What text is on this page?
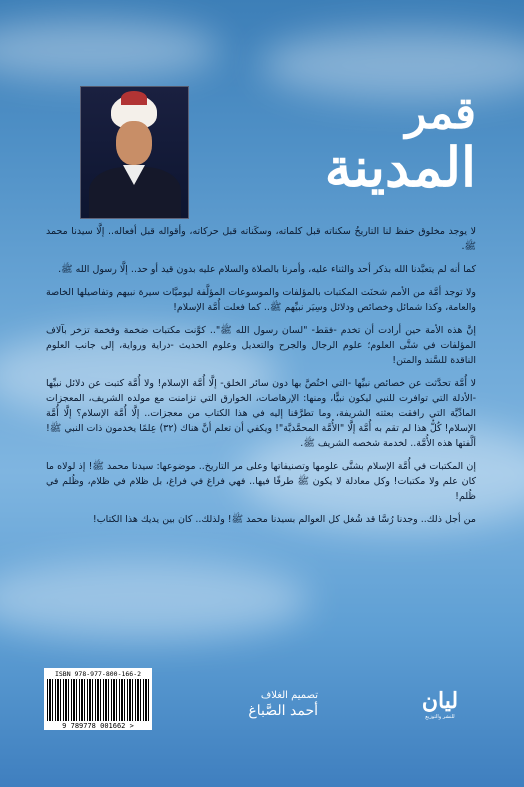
قمر
المدينة

لا يوجد مخلوق حفظ لنا التاريخُ سكناته قبل كلماته، وسكَناته قبل حركاته، وأقواله قبل أفعاله.. إلَّا سيدنا محمد ﷺ.

كما أنه لم يتعبَّدنا الله بذكر أحد والثناء عليه، وأمرنا بالصلاة والسلام عليه بدون قيد أو حد.. إلَّا رسول الله ﷺ.

ولا توجد أمَّة من الأمم شحنَت المكتبات بالمؤلفات والموسوعات المؤلَّفة ليوميَّات سيرة نبيهم وتفاصيلها الخاصة والعامة، وكذا شمائل وخصائص ودلائل وسِيَر نبيِّهم ﷺ.. كما فعلت أُمَّة الإسلام!

إنَّ هذه الأمة حين أرادت أن تخدم -فقط- "لسان رسول الله ﷺ".. كوَّنت مكتبات ضخمة وفخمة تزخر بآلاف المؤلفات في شتَّى العلوم؛ علوم الرجال والجرح والتعديل وعلوم الحديث -دراية ورواية، إلى جانب العلوم الناقدة للسَّند والمتن!

لا أُمَّة تحدَّثت عن خصائص نبيِّها -التي اختُصَّ بها دون سائر الخلق- إلَّا أُمَّة الإسلام! ولا أُمَّة كتبت عن دلائل نبيِّها -الأدلة التي توافرت للنبي ليكون نبيًّا، ومنها: الإرهاصات، الخوارق التي تزامنت مع مولده الشريف، المعجزات المادِّيَّة التي رافقت بعثته الشريفة، وما تطرَّقنا إليه في هذا الكتاب من معجزات.. إلَّا أُمَّة الإسلام؟ إلَّا أُمَّة الإسلام! كُلُّ هذا لم تقم به أُمَّة إلَّا "الأُمَّة المحمَّديَّة"! ويكفي أن تعلم أنَّ هناك (٣٢) عِلمًا يخدمون ذات النبي ﷺ! ألَّفتها هذه الأُمَّة.. لخدمة شخصه الشريف ﷺ.

إن المكتبات في أُمَّة الإسلام بشتَّى علومها وتصنيفاتها وعلى مر التاريخ.. موضوعها: سيدنا محمد ﷺ! إذ لولاه ما كان علم ولا مكتبات! وكل معادلة لا يكون ﷺ طرفًا فيها.. فهي فراغ في فراغ، بل ظلام في ظلام، وظُلم في ظُلم!

من أجل ذلك.. وجدنا رُسَّا قد شُغل كل العوالم بسيدنا محمد ﷺ! ولذلك.. كان بين يديك هذا الكتاب!

ISBN 978-977-800-166-2
9 789778 001662 >
تصميم الغلاف
أحمد الصَّباغ	ليان
للنشر والتوزيع
